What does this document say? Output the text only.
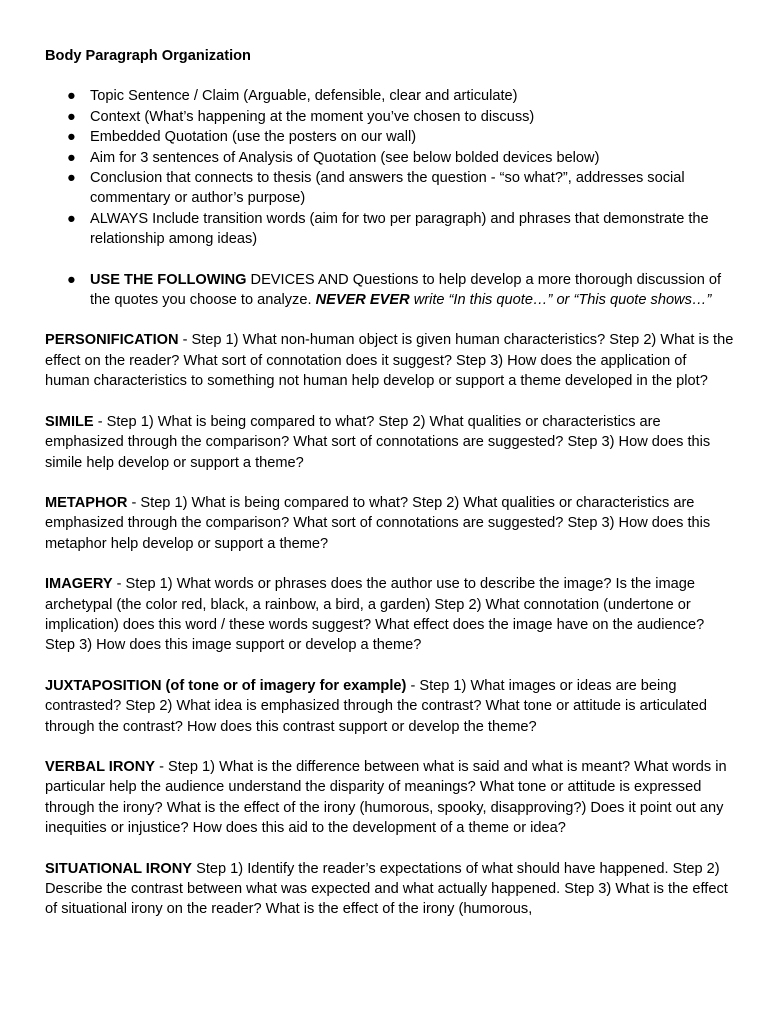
Body Paragraph Organization
● Topic Sentence / Claim (Arguable, defensible, clear and articulate)
● Context (What’s happening at the moment you’ve chosen to discuss)
● Embedded Quotation (use the posters on our wall)
● Aim for 3 sentences of Analysis of Quotation (see below bolded devices below)
● Conclusion that connects to thesis (and answers the question - “so what?”, addresses social commentary or author’s purpose)
● ALWAYS Include transition words (aim for two per paragraph) and phrases that demonstrate the relationship among ideas)
● USE THE FOLLOWING DEVICES AND Questions to help develop a more thorough discussion of the quotes you choose to analyze. NEVER EVER write “In this quote…” or “This quote shows…”
PERSONIFICATION - Step 1) What non-human object is given human characteristics? Step 2) What is the effect on the reader? What sort of connotation does it suggest? Step 3) How does the application of human characteristics to something not human help develop or support a theme developed in the plot?
SIMILE - Step 1) What is being compared to what? Step 2) What qualities or characteristics are emphasized through the comparison? What sort of connotations are suggested? Step 3) How does this simile help develop or support a theme?
METAPHOR - Step 1) What is being compared to what? Step 2) What qualities or characteristics are emphasized through the comparison? What sort of connotations are suggested? Step 3) How does this metaphor help develop or support a theme?
IMAGERY - Step 1) What words or phrases does the author use to describe the image? Is the image archetypal (the color red, black, a rainbow, a bird, a garden) Step 2) What connotation (undertone or implication) does this word / these words suggest? What effect does the image have on the audience? Step 3) How does this image support or develop a theme?
JUXTAPOSITION (of tone or of imagery for example) - Step 1) What images or ideas are being contrasted? Step 2) What idea is emphasized through the contrast? What tone or attitude is articulated through the contrast? How does this contrast support or develop the theme?
VERBAL IRONY - Step 1) What is the difference between what is said and what is meant? What words in particular help the audience understand the disparity of meanings? What tone or attitude is expressed through the irony? What is the effect of the irony (humorous, spooky, disapproving?) Does it point out any inequities or injustice? How does this aid to the development of a theme or idea?
SITUATIONAL IRONY Step 1) Identify the reader’s expectations of what should have happened. Step 2) Describe the contrast between what was expected and what actually happened. Step 3) What is the effect of situational irony on the reader? What is the effect of the irony (humorous,
